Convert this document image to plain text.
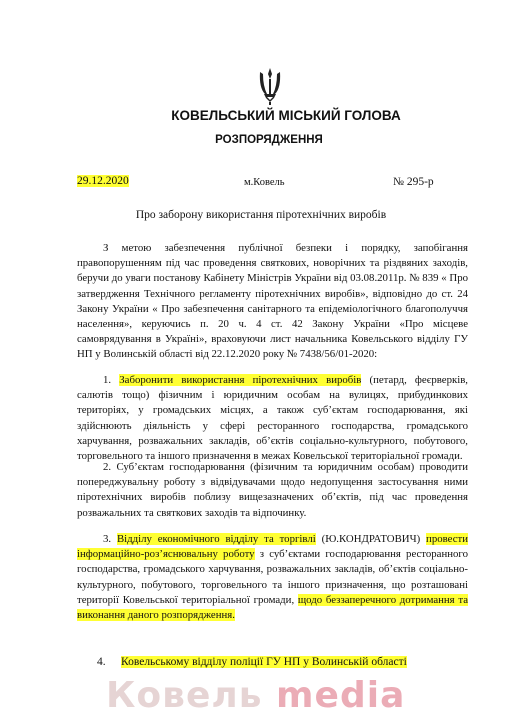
КОВЕЛЬСЬКИЙ МІСЬКИЙ ГОЛОВА
РОЗПОРЯДЖЕННЯ
29.12.2020	м.Ковель	№ 295-р
Про заборону використання піротехнічних виробів
З метою забезпечення публічної безпеки і порядку, запобігання правопорушенням під час проведення святкових, новорічних та різдвяних заходів, беручи до уваги постанову Кабінету Міністрів України від 03.08.2011р. № 839 « Про затвердження Технічного регламенту піротехнічних виробів», відповідно до ст. 24 Закону України « Про забезпечення санітарного та епідеміологічного благополуччя населення», керуючись п. 20 ч. 4 ст. 42 Закону України «Про місцеве самоврядування в Україні», враховуючи лист начальника Ковельського відділу ГУ НП у Волинській області від 22.12.2020 року № 7438/56/01-2020:
1. Заборонити використання піротехнічних виробів (петард, феєрверків, салютів тощо) фізичним і юридичним особам на вулицях, прибудинкових територіях, у громадських місцях, а також суб’єктам господарювання, які здійснюють діяльність у сфері ресторанного господарства, громадського харчування, розважальних закладів, об’єктів соціально-культурного, побутового, торговельного та іншого призначення в межах Ковельської територіальної громади.
2. Суб’єктам господарювання (фізичним та юридичним особам) проводити попереджувальну роботу з відвідувачами щодо недопущення застосування ними піротехнічних виробів поблизу вищезазначених об’єктів, під час проведення розважальних та святкових заходів та відпочинку.
3. Відділу економічного відділу та торгівлі (Ю.КОНДРАТОВИЧ) провести інформаційно-роз’яснювальну роботу з суб’єктами господарювання ресторанного господарства, громадського харчування, розважальних закладів, об’єктів соціально-культурного, побутового, торговельного та іншого призначення, що розташовані території Ковельської територіальної громади, щодо беззаперечного дотримання та виконання даного розпорядження.
4. Ковельському відділу поліції ГУ НП у Волинській області
Ковель media
